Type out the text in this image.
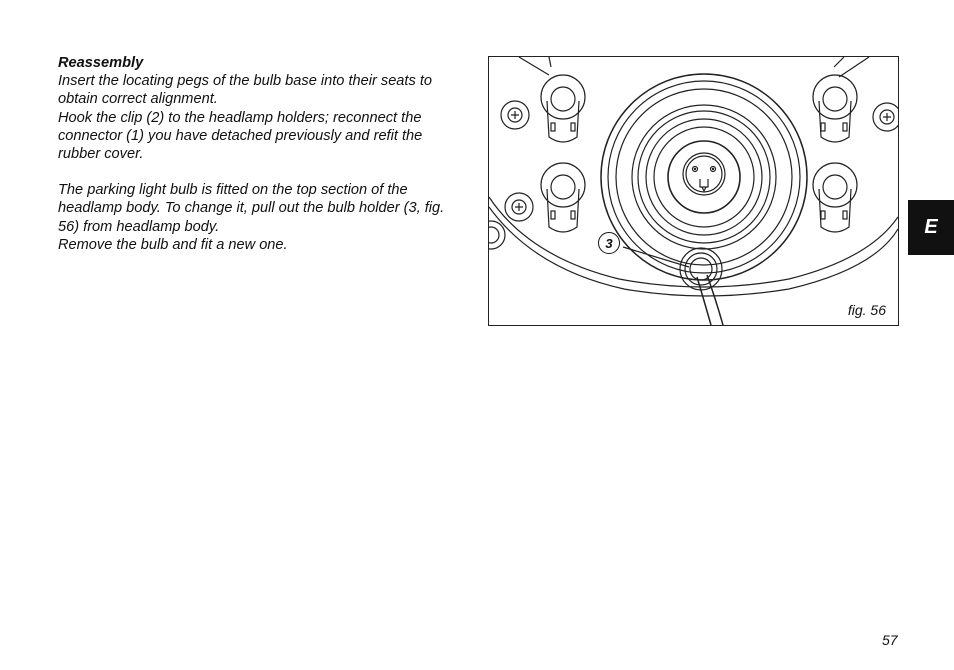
Reassembly

Insert the locating pegs of the bulb base into their seats to obtain correct alignment.

Hook the clip (2) to the headlamp holders; reconnect the connector (1) you have detached previously and refit the rubber cover.

The parking light bulb is fitted on the top section of the headlamp body. To change it, pull out the bulb holder (3, fig. 56) from headlamp body.

Remove the bulb and fit a new one.	3
fig. 56
E
57
